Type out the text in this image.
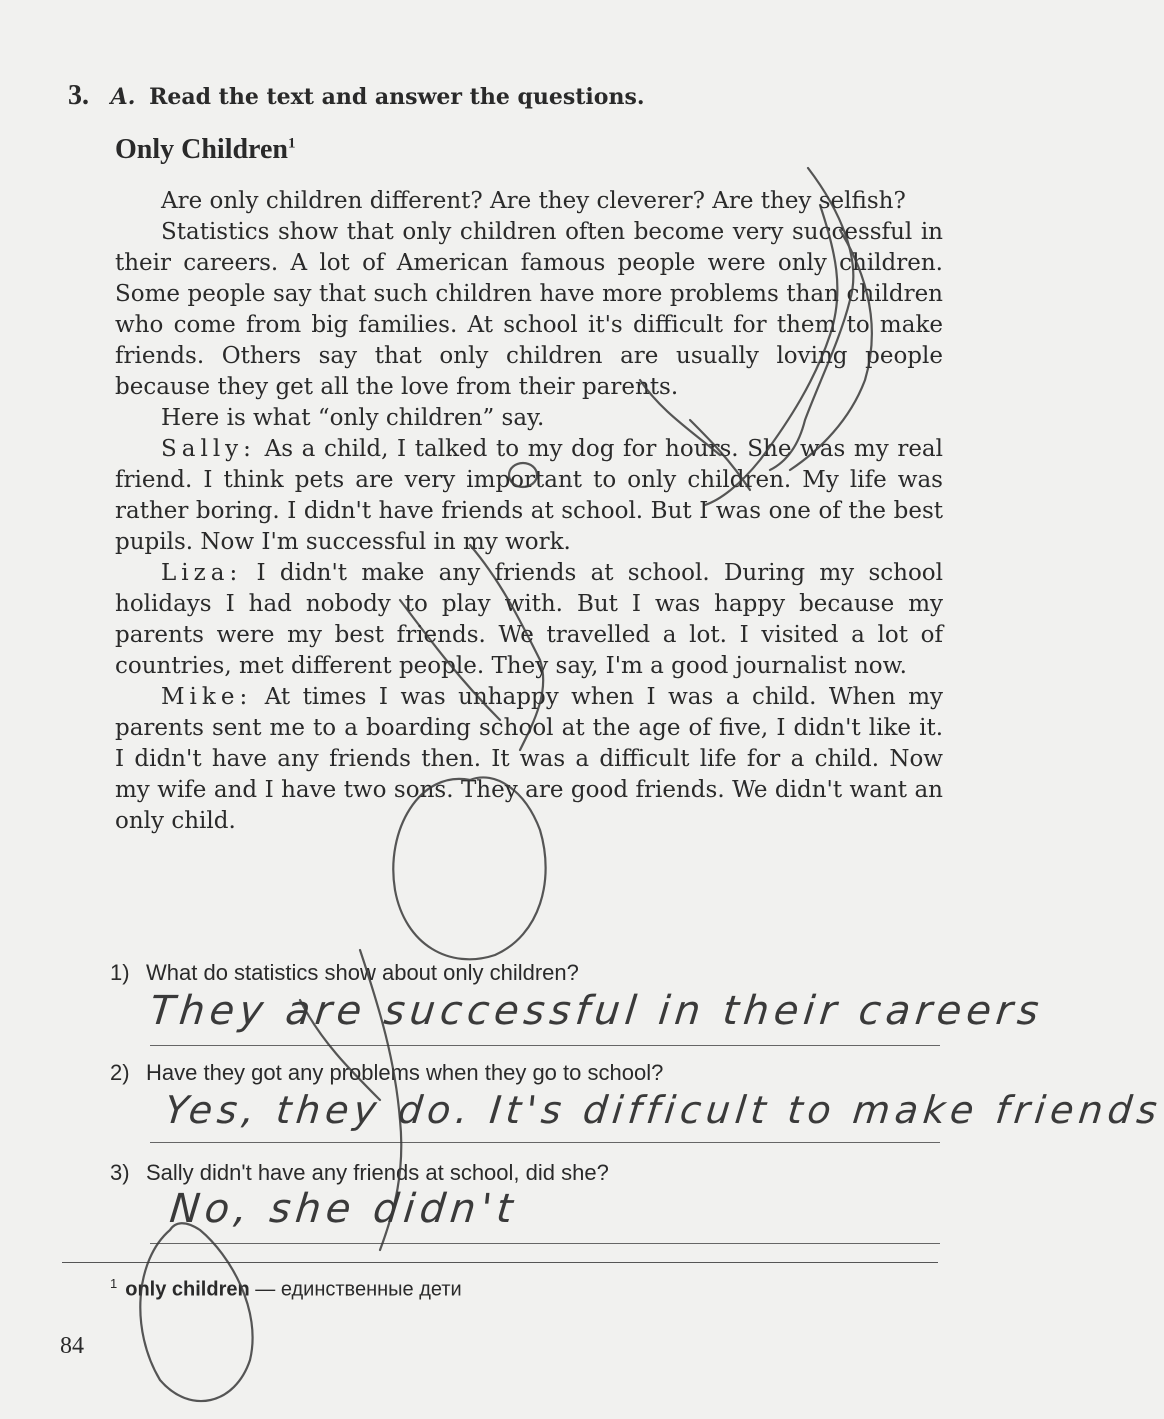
3. A. Read the text and answer the questions.
Only Children$^1$

Are only children different? Are they cleverer? Are they selfish?

Statistics show that only children often become very successful in their careers. A lot of American famous people were only children. Some people say that such children have more problems than children who come from big families. At school it's difficult for them to make friends. Others say that only children are usually loving people because they get all the love from their parents.

Here is what “only children” say.

Sally: As a child, I talked to my dog for hours. She was my real friend. I think pets are very important to only children. My life was rather boring. I didn't have friends at school. But I was one of the best pupils. Now I'm successful in my work.

Liza: I didn't make any friends at school. During my school holidays I had nobody to play with. But I was happy because my parents were my best friends. We travelled a lot. I visited a lot of countries, met different people. They say, I'm a good journalist now.

Mike: At times I was unhappy when I was a child. When my parents sent me to a boarding school at the age of five, I didn't like it. I didn't have any friends then. It was a difficult life for a child. Now my wife and I have two sons. They are good friends. We didn't want an only child.

1) What do statistics show about only children?
They are successful in their careers
2) Have they got any problems when they go to school?
Yes, they do. It's difficult to make friends
3) Sally didn't have any friends at school, did she?
No, she didn't
$^1$ only children — единственные дети
84
